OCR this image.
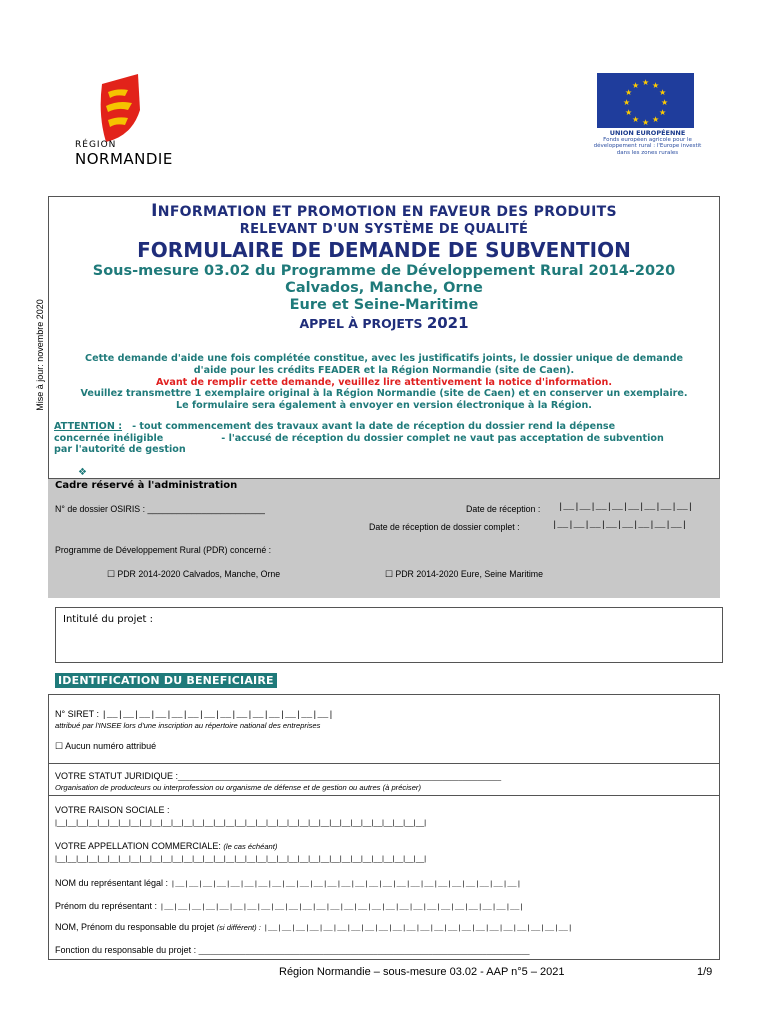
RÉGION
NORMANDIE
★ ★
★
★
★
★
★
★
★
★
★
★
UNION EUROPÉENNE
Fonds européen agricole pour le développement rural : l'Europe investit dans les zones rurales
Mise à jour: novembre 2020
INFORMATION ET PROMOTION EN FAVEUR DES PRODUITS
RELEVANT D'UN SYSTÈME DE QUALITÉ
FORMULAIRE DE DEMANDE DE SUBVENTION
Sous-mesure 03.02 du Programme de Développement Rural 2014-2020
Calvados, Manche, Orne
Eure et Seine-Maritime
APPEL À PROJETS 2021
Cette demande d'aide une fois complétée constitue, avec les justificatifs joints, le dossier unique de demande
d'aide pour les crédits FEADER et la Région Normandie (site de Caen).
Avant de remplir cette demande, veuillez lire attentivement la notice d'information.
Veuillez transmettre 1 exemplaire original à la Région Normandie (site de Caen) et en conserver un exemplaire.
Le formulaire sera également à envoyer en version électronique à la Région.
ATTENTION : - tout commencement des travaux avant la date de réception du dossier rend la dépense
concernée inéligible	- l'accusé de réception du dossier complet ne vaut pas acceptation de subvention
par l'autorité de gestion
❖
Cadre réservé à l'administration
N° de dossier OSIRIS : ________________________	Date de réception : |__|__|__|__|__|__|__|__|
Date de réception de dossier complet :	|__|__|__|__|__|__|__|__|
Programme de Développement Rural (PDR) concerné :
☐ PDR 2014-2020 Calvados, Manche, Orne	☐ PDR 2014-2020 Eure, Seine Maritime
Intitulé du projet :
IDENTIFICATION DU BENEFICIAIRE
N° SIRET : |__|__|__|__|__|__|__|__|__|__|__|__|__|__|
attribué par l'INSEE lors d'une inscription au répertoire national des entreprises
☐ Aucun numéro attribué
VOTRE STATUT JURIDIQUE :___________________________________________________________________________________
Organisation de producteurs ou interprofession ou organisme de défense et de gestion ou autres (à préciser)
VOTRE RAISON SOCIALE :
|__|__|__|__|__|__|__|__|__|__|__|__|__|__|__|__|__|__|__|__|__|__|__|__|__|__|__|__|__|__|__|__|__|__|__|
VOTRE APPELLATION COMMERCIALE: (le cas échéant)
|__|__|__|__|__|__|__|__|__|__|__|__|__|__|__|__|__|__|__|__|__|__|__|__|__|__|__|__|__|__|__|__|__|__|__|
NOM du représentant légal : |__|__|__|__|__|__|__|__|__|__|__|__|__|__|__|__|__|__|__|__|__|__|__|__|__|
Prénom du représentant : |__|__|__|__|__|__|__|__|__|__|__|__|__|__|__|__|__|__|__|__|__|__|__|__|__|__|
NOM, Prénom du responsable du projet (si différent) : |__|__|__|__|__|__|__|__|__|__|__|__|__|__|__|__|__|__|__|__|__|__|
Fonction du responsable du projet : _____________________________________________________________________________________
Région Normandie – sous-mesure 03.02 - AAP n°5 – 2021	1/9
